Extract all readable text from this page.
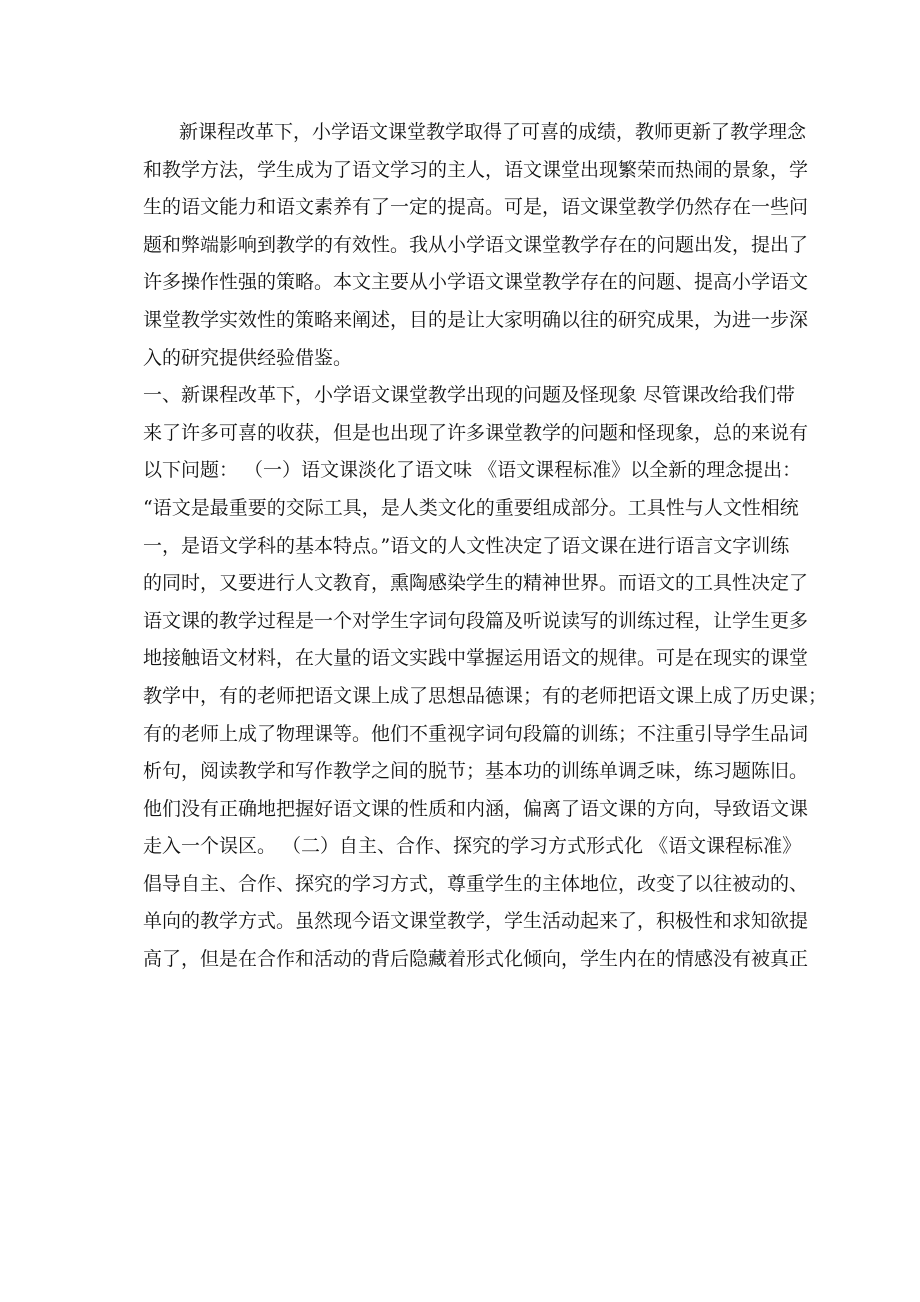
新课程改革下，小学语文课堂教学取得了可喜的成绩，教师更新了教学理念
和教学方法，学生成为了语文学习的主人，语文课堂出现繁荣而热闹的景象，学
生的语文能力和语文素养有了一定的提高。可是，语文课堂教学仍然存在一些问
题和弊端影响到教学的有效性。我从小学语文课堂教学存在的问题出发，提出了
许多操作性强的策略。本文主要从小学语文课堂教学存在的问题、提高小学语文
课堂教学实效性的策略来阐述，目的是让大家明确以往的研究成果，为进一步深
入的研究提供经验借鉴。
一、新课程改革下，小学语文课堂教学出现的问题及怪现象 尽管课改给我们带
来了许多可喜的收获，但是也出现了许多课堂教学的问题和怪现象，总的来说有
以下问题： （一）语文课淡化了语文味 《语文课程标准》以全新的理念提出：
“语文是最重要的交际工具，是人类文化的重要组成部分。工具性与人文性相统
一，是语文学科的基本特点。”语文的人文性决定了语文课在进行语言文字训练
的同时，又要进行人文教育，熏陶感染学生的精神世界。而语文的工具性决定了
语文课的教学过程是一个对学生字词句段篇及听说读写的训练过程，让学生更多
地接触语文材料，在大量的语文实践中掌握运用语文的规律。可是在现实的课堂
教学中，有的老师把语文课上成了思想品德课；有的老师把语文课上成了历史课；
有的老师上成了物理课等。他们不重视字词句段篇的训练；不注重引导学生品词
析句，阅读教学和写作教学之间的脱节；基本功的训练单调乏味，练习题陈旧。
他们没有正确地把握好语文课的性质和内涵，偏离了语文课的方向，导致语文课
走入一个误区。 （二）自主、合作、探究的学习方式形式化 《语文课程标准》
倡导自主、合作、探究的学习方式，尊重学生的主体地位，改变了以往被动的、
单向的教学方式。虽然现今语文课堂教学，学生活动起来了，积极性和求知欲提
高了，但是在合作和活动的背后隐藏着形式化倾向，学生内在的情感没有被真正
